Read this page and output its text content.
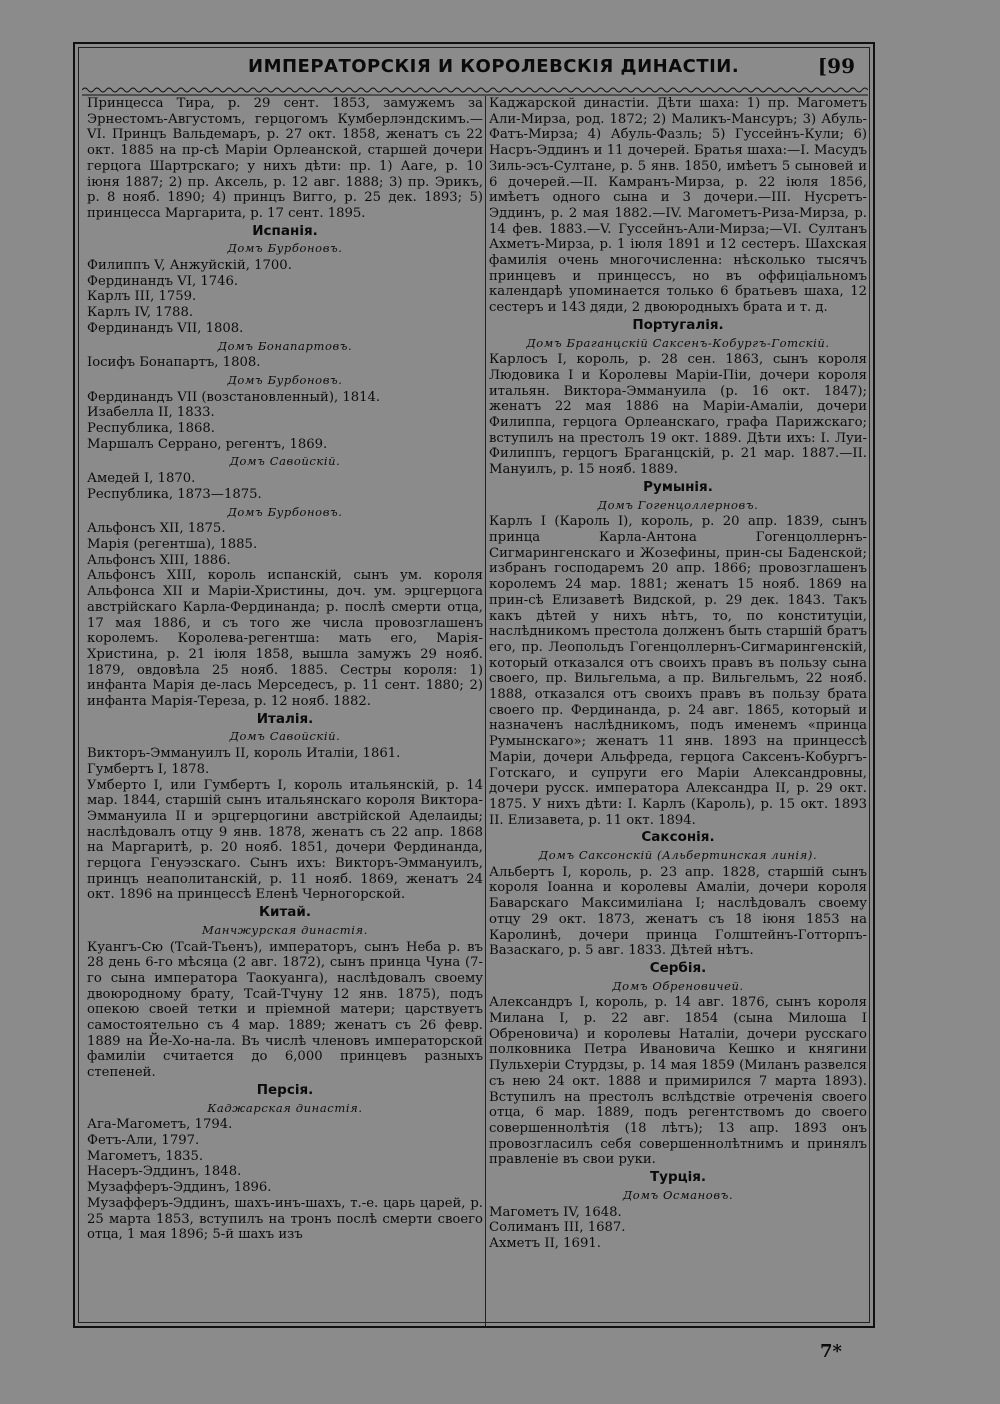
ИМПЕРАТОРСКІЯ И КОРОЛЕВСКІЯ ДИНАСТІИ.	[99
Принцесса Тира, р. 29 сент. 1853, замужемъ за Эрнестомъ-Августомъ, герцогомъ Кумберлэндскимъ.— VI. Принцъ Вальдемаръ, р. 27 окт. 1858, женатъ съ 22 окт. 1885 на пр-сѣ Маріи Орлеанской, старшей дочери герцога Шартрскаго; у нихъ дѣти: пр. 1) Ааге, р. 10 іюня 1887; 2) пр. Аксель, р. 12 авг. 1888; 3) пр. Эрикъ, р. 8 нояб. 1890; 4) принцъ Вигго, р. 25 дек. 1893; 5) принцесса Маргарита, р. 17 сент. 1895.
Испанія.
Домъ Бурбоновъ.
Филиппъ V, Анжуйскій, 1700.
Фердинандъ VI, 1746.
Карлъ III, 1759.
Карлъ IV, 1788.
Фердинандъ VII, 1808.
Домъ Бонапартовъ.
Іосифъ Бонапартъ, 1808.
Домъ Бурбоновъ.
Фердинандъ VII (возстановленный), 1814.
Изабелла II, 1833.
Республика, 1868.
Маршалъ Серрано, регентъ, 1869.
Домъ Савойскій.
Амедей I, 1870.
Республика, 1873—1875.
Домъ Бурбоновъ.
Альфонсъ XII, 1875.
Марія (регентша), 1885.
Альфонсъ XIII, 1886.
Альфонсъ XIII, король испанскій, сынъ ум. короля Альфонса XII и Маріи-Христины, доч. ум. эрцгерцога австрійскаго Карла-Фердинанда; р. послѣ смерти отца, 17 мая 1886, и съ того же числа провозглашенъ королемъ. Королева-регентша: мать его, Марія-Христина, р. 21 іюля 1858, вышла замужъ 29 нояб. 1879, овдовѣла 25 нояб. 1885. Сестры короля: 1) инфанта Марія де-лась Мерседесъ, р. 11 сент. 1880; 2) инфанта Марія-Тереза, р. 12 нояб. 1882.
Италія.
Домъ Савойскій.
Викторъ-Эммануилъ II, король Италіи, 1861.
Гумбертъ I, 1878.
Умберто I, или Гумбертъ I, король итальянскій, р. 14 мар. 1844, старшій сынъ итальянскаго короля Виктора-Эммануила II и эрцгерцогини австрійской Аделаиды; наслѣдовалъ отцу 9 янв. 1878, женатъ съ 22 апр. 1868 на Маргаритѣ, р. 20 нояб. 1851, дочери Фердинанда, герцога Генуэзскаго. Сынъ ихъ: Викторъ-Эммануилъ, принцъ неаполитанскій, р. 11 нояб. 1869, женатъ 24 окт. 1896 на принцессѣ Еленѣ Черногорской.
Китай.
Манчжурская династія.
Куангъ-Сю (Тсай-Тьенъ), императоръ, сынъ Неба р. въ 28 день 6-го мѣсяца (2 авг. 1872), сынъ принца Чуна (7-го сына императора Таокуанга), наслѣдовалъ своему двоюродному брату, Тсай-Тчуну 12 янв. 1875), подъ опекою своей тетки и пріемной матери; царствуетъ самостоятельно съ 4 мар. 1889; женатъ съ 26 февр. 1889 на Йе-Хо-на-ла. Въ числѣ членовъ императорской фамиліи считается до 6,000 принцевъ разныхъ степеней.
Персія.
Каджарская династія.
Ага-Магометъ, 1794.
Фетъ-Али, 1797.
Магометъ, 1835.
Насеръ-Эддинъ, 1848.
Музафферъ-Эддинъ, 1896.
Музафферъ-Эддинъ, шахъ-инъ-шахъ, т.-е. царь царей, р. 25 марта 1853, вступилъ на тронъ послѣ смерти своего отца, 1 мая 1896; 5-й шахъ изъ
Каджарской династіи. Дѣти шаха: 1) пр. Магометъ Али-Мирза, род. 1872; 2) Маликъ-Мансуръ; 3) Абуль-Фатъ-Мирза; 4) Абуль-Фазль; 5) Гуссейнъ-Кули; 6) Насръ-Эддинъ и 11 дочерей. Братья шаха:—I. Масудъ Зиль-эсъ-Султане, р. 5 янв. 1850, имѣетъ 5 сыновей и 6 дочерей.—II. Камранъ-Мирза, р. 22 іюля 1856, имѣетъ одного сына и 3 дочери.—III. Нусретъ-Эддинъ, р. 2 мая 1882.—IV. Магометъ-Риза-Мирза, р. 14 фев. 1883.—V. Гуссейнъ-Али-Мирза;—VI. Султанъ Ахметъ-Мирза, р. 1 іюля 1891 и 12 сестеръ. Шахская фамилія очень многочисленна: нѣсколько тысячъ принцевъ и принцессъ, но въ оффиціальномъ календарѣ упоминается только 6 братьевъ шаха, 12 сестеръ и 143 дяди, 2 двоюродныхъ брата и т. д.
Португалія.
Домъ Браганцскій Саксенъ-Кобургъ-Готскій.
Карлосъ I, король, р. 28 сен. 1863, сынъ короля Людовика I и Королевы Маріи-Піи, дочери короля итальян. Виктора-Эммануила (р. 16 окт. 1847); женатъ 22 мая 1886 на Маріи-Амаліи, дочери Филиппа, герцога Орлеанскаго, графа Парижскаго; вступилъ на престолъ 19 окт. 1889. Дѣти ихъ: I. Луи-Филиппъ, герцогъ Браганцскій, р. 21 мар. 1887.—II. Мануилъ, р. 15 нояб. 1889.
Румынія.
Домъ Гогенцоллерновъ.
Карлъ I (Кароль I), король, р. 20 апр. 1839, сынъ принца Карла-Антона Гогенцоллернъ-Сигмарингенскаго и Жозефины, прин-сы Баденской; избранъ господаремъ 20 апр. 1866; провозглашенъ королемъ 24 мар. 1881; женатъ 15 нояб. 1869 на прин-сѣ Елизаветѣ Видской, р. 29 дек. 1843. Такъ какъ дѣтей у нихъ нѣтъ, то, по конституціи, наслѣдникомъ престола долженъ быть старшій братъ его, пр. Леопольдъ Гогенцоллернъ-Сигмарингенскій, который отказался отъ своихъ правъ въ пользу сына своего, пр. Вильгельма, а пр. Вильгельмъ, 22 нояб. 1888, отказался отъ своихъ правъ въ пользу брата своего пр. Фердинанда, р. 24 авг. 1865, который и назначенъ наслѣдникомъ, подъ именемъ «принца Румынскаго»; женатъ 11 янв. 1893 на принцессѣ Маріи, дочери Альфреда, герцога Саксенъ-Кобургъ-Готскаго, и супруги его Маріи Александровны, дочери русск. императора Александра II, р. 29 окт. 1875. У нихъ дѣти: I. Карлъ (Кароль), р. 15 окт. 1893 II. Елизавета, р. 11 окт. 1894.
Саксонія.
Домъ Саксонскій (Альбертинская линія).
Альбертъ I, король, р. 23 апр. 1828, старшій сынъ короля Іоанна и королевы Амаліи, дочери короля Баварскаго Максимиліана I; наслѣдовалъ своему отцу 29 окт. 1873, женатъ съ 18 іюня 1853 на Каролинѣ, дочери принца Голштейнъ-Готторпъ-Вазаскаго, р. 5 авг. 1833. Дѣтей нѣтъ.
Сербія.
Домъ Обреновичей.
Александръ I, король, р. 14 авг. 1876, сынъ короля Милана I, р. 22 авг. 1854 (сына Милоша I Обреновича) и королевы Наталіи, дочери русскаго полковника Петра Ивановича Кешко и княгини Пульхеріи Стурдзы, р. 14 мая 1859 (Миланъ развелся съ нею 24 окт. 1888 и примирился 7 марта 1893). Вступилъ на престолъ вслѣдствіе отреченія своего отца, 6 мар. 1889, подъ регентствомъ до своего совершеннолѣтія (18 лѣтъ); 13 апр. 1893 онъ провозгласилъ себя совершеннолѣтнимъ и принялъ правленіе въ свои руки.
Турція.
Домъ Османовъ.
Магометъ IV, 1648.
Солиманъ III, 1687.
Ахметъ II, 1691.
7*
